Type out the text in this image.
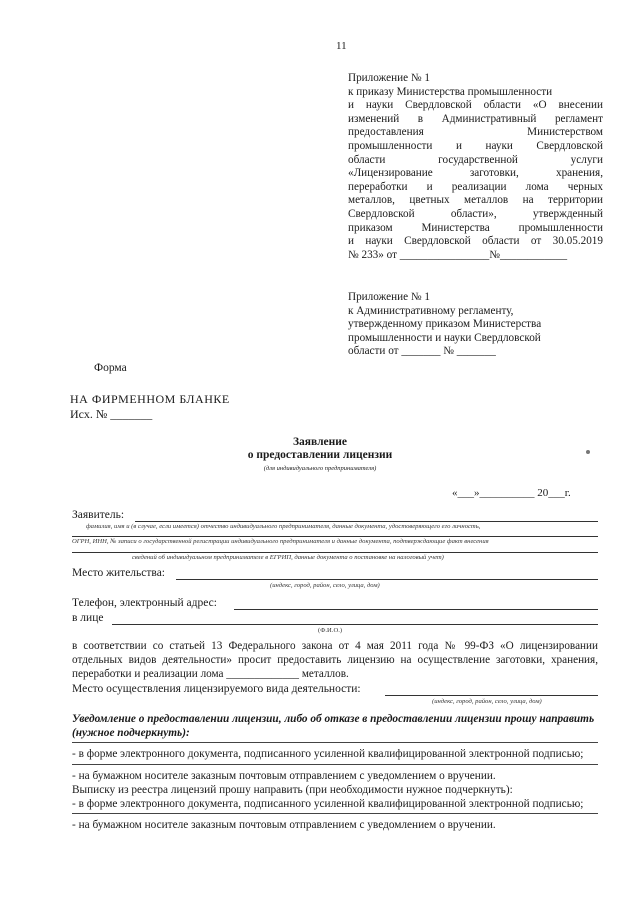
11
Приложение № 1
к приказу Министерства промышленности
и науки Свердловской области «О внесении
изменений в Административный регламент
предоставления Министерством
промышленности и науки Свердловской
области государственной услуги
«Лицензирование заготовки, хранения,
переработки и реализации лома черных
металлов, цветных металлов на территории
Свердловской области», утвержденный
приказом Министерства промышленности
и науки Свердловской области от 30.05.2019
№ 233» от ________________№____________
Приложение № 1
к Административному регламенту,
утвержденному приказом Министерства
промышленности и науки Свердловской
области от _______ № _______
Форма
НА ФИРМЕННОМ БЛАНКЕ
Исх. № _______
Заявление
о предоставлении лицензии
(для индивидуального предпринимателя)
«___»__________ 20___г.
Заявитель:
фамилия, имя и (в случае, если имеется) отчество индивидуального предпринимателя, данные документа, удостоверяющего его личность,
ОГРН, ИНН, № записи о государственной регистрации индивидуального предпринимателя и данные документа, подтверждающие факт внесения
сведений об индивидуальном предпринимателе в ЕГРИП, данные документа о постановке на налоговый учет)
Место жительства:
(индекс, город, район, село, улица, дом)
Телефон, электронный адрес:
в лице
(Ф.И.О.)
в соответствии со статьей 13 Федерального закона от 4 мая 2011 года № 99-ФЗ «О лицензировании отдельных видов деятельности» просит предоставить лицензию на осуществление заготовки, хранения, переработки и реализации лома _____________ металлов.
Место осуществления лицензируемого вида деятельности:
(индекс, город, район, село, улица, дом)
Уведомление о предоставлении лицензии, либо об отказе в предоставлении лицензии прошу направить (нужное подчеркнуть):
- в форме электронного документа, подписанного усиленной квалифицированной электронной подписью;
- на бумажном носителе заказным почтовым отправлением с уведомлением о вручении.
Выписку из реестра лицензий прошу направить (при необходимости нужное подчеркнуть):
- в форме электронного документа, подписанного усиленной квалифицированной электронной подписью;
- на бумажном носителе заказным почтовым отправлением с уведомлением о вручении.
